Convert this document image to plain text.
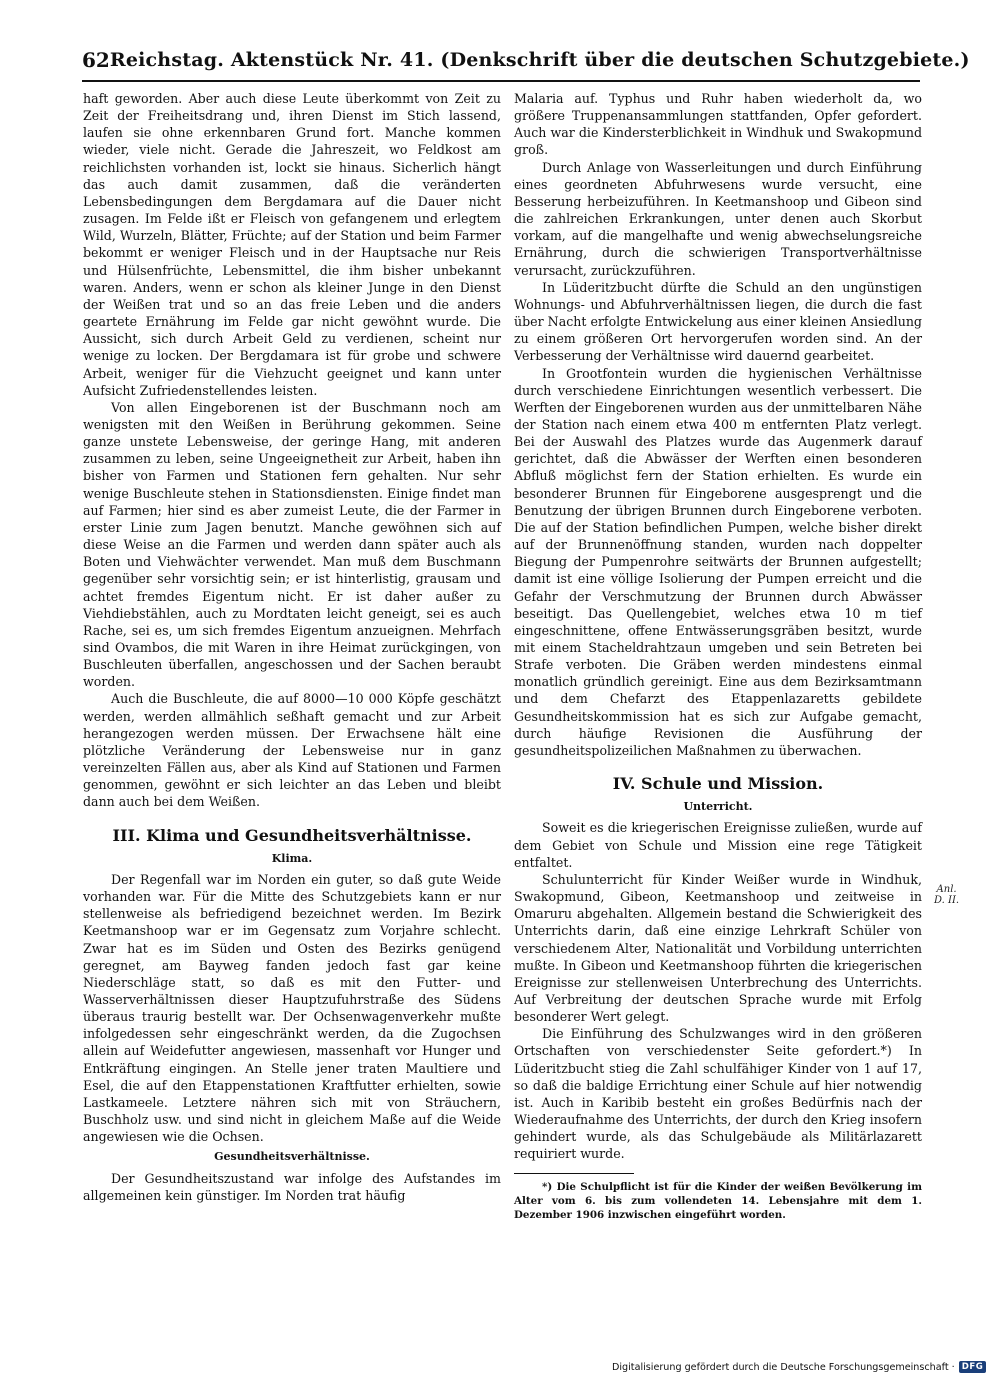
62 Reichstag. Aktenstück Nr. 41. (Denkschrift über die deutschen Schutzgebiete.)

haft geworden. Aber auch diese Leute überkommt von Zeit zu Zeit der Freiheitsdrang und, ihren Dienst im Stich lassend, laufen sie ohne erkennbaren Grund fort. Manche kommen wieder, viele nicht. Gerade die Jahreszeit, wo Feldkost am reichlichsten vorhanden ist, lockt sie hinaus. Sicherlich hängt das auch damit zusammen, daß die veränderten Lebensbedingungen dem Bergdamara auf die Dauer nicht zusagen. Im Felde ißt er Fleisch von gefangenem und erlegtem Wild, Wurzeln, Blätter, Früchte; auf der Station und beim Farmer bekommt er weniger Fleisch und in der Hauptsache nur Reis und Hülsenfrüchte, Lebensmittel, die ihm bisher unbekannt waren. Anders, wenn er schon als kleiner Junge in den Dienst der Weißen trat und so an das freie Leben und die anders geartete Ernährung im Felde gar nicht gewöhnt wurde. Die Aussicht, sich durch Arbeit Geld zu verdienen, scheint nur wenige zu locken. Der Bergdamara ist für grobe und schwere Arbeit, weniger für die Viehzucht geeignet und kann unter Aufsicht Zufriedenstellendes leisten.

Von allen Eingeborenen ist der Buschmann noch am wenigsten mit den Weißen in Berührung gekommen. Seine ganze unstete Lebensweise, der geringe Hang, mit anderen zusammen zu leben, seine Ungeeignetheit zur Arbeit, haben ihn bisher von Farmen und Stationen fern gehalten. Nur sehr wenige Buschleute stehen in Stationsdiensten. Einige findet man auf Farmen; hier sind es aber zumeist Leute, die der Farmer in erster Linie zum Jagen benutzt. Manche gewöhnen sich auf diese Weise an die Farmen und werden dann später auch als Boten und Viehwächter verwendet. Man muß dem Buschmann gegenüber sehr vorsichtig sein; er ist hinterlistig, grausam und achtet fremdes Eigentum nicht. Er ist daher außer zu Viehdiebstählen, auch zu Mordtaten leicht geneigt, sei es auch Rache, sei es, um sich fremdes Eigentum anzueignen. Mehrfach sind Ovambos, die mit Waren in ihre Heimat zurückgingen, von Buschleuten überfallen, angeschossen und der Sachen beraubt worden.

Auch die Buschleute, die auf 8000—10 000 Köpfe geschätzt werden, werden allmählich seßhaft gemacht und zur Arbeit herangezogen werden müssen. Der Erwachsene hält eine plötzliche Veränderung der Lebensweise nur in ganz vereinzelten Fällen aus, aber als Kind auf Stationen und Farmen genommen, gewöhnt er sich leichter an das Leben und bleibt dann auch bei dem Weißen.

III. Klima und Gesundheitsverhältnisse.
Klima.

Der Regenfall war im Norden ein guter, so daß gute Weide vorhanden war. Für die Mitte des Schutzgebiets kann er nur stellenweise als befriedigend bezeichnet werden. Im Bezirk Keetmanshoop war er im Gegensatz zum Vorjahre schlecht. Zwar hat es im Süden und Osten des Bezirks genügend geregnet, am Bayweg fanden jedoch fast gar keine Niederschläge statt, so daß es mit den Futter- und Wasserverhältnissen dieser Hauptzufuhrstraße des Südens überaus traurig bestellt war. Der Ochsenwagenverkehr mußte infolgedessen sehr eingeschränkt werden, da die Zugochsen allein auf Weidefutter angewiesen, massenhaft vor Hunger und Entkräftung eingingen. An Stelle jener traten Maultiere und Esel, die auf den Etappenstationen Kraftfutter erhielten, sowie Lastkameele. Letztere nähren sich mit von Sträuchern, Buschholz usw. und sind nicht in gleichem Maße auf die Weide angewiesen wie die Ochsen.

Gesundheitsverhältnisse.

Der Gesundheitszustand war infolge des Aufstandes im allgemeinen kein günstiger. Im Norden trat häufig

Malaria auf. Typhus und Ruhr haben wiederholt da, wo größere Truppenansammlungen stattfanden, Opfer gefordert. Auch war die Kindersterblichkeit in Windhuk und Swakopmund groß.

Durch Anlage von Wasserleitungen und durch Einführung eines geordneten Abfuhrwesens wurde versucht, eine Besserung herbeizuführen. In Keetmanshoop und Gibeon sind die zahlreichen Erkrankungen, unter denen auch Skorbut vorkam, auf die mangelhafte und wenig abwechselungsreiche Ernährung, durch die schwierigen Transportverhältnisse verursacht, zurückzuführen.

In Lüderitzbucht dürfte die Schuld an den ungünstigen Wohnungs- und Abfuhrverhältnissen liegen, die durch die fast über Nacht erfolgte Entwickelung aus einer kleinen Ansiedlung zu einem größeren Ort hervorgerufen worden sind. An der Verbesserung der Verhältnisse wird dauernd gearbeitet.

In Grootfontein wurden die hygienischen Verhältnisse durch verschiedene Einrichtungen wesentlich verbessert. Die Werften der Eingeborenen wurden aus der unmittelbaren Nähe der Station nach einem etwa 400 m entfernten Platz verlegt. Bei der Auswahl des Platzes wurde das Augenmerk darauf gerichtet, daß die Abwässer der Werften einen besonderen Abfluß möglichst fern der Station erhielten. Es wurde ein besonderer Brunnen für Eingeborene ausgesprengt und die Benutzung der übrigen Brunnen durch Eingeborene verboten. Die auf der Station befindlichen Pumpen, welche bisher direkt auf der Brunnenöffnung standen, wurden nach doppelter Biegung der Pumpenrohre seitwärts der Brunnen aufgestellt; damit ist eine völlige Isolierung der Pumpen erreicht und die Gefahr der Verschmutzung der Brunnen durch Abwässer beseitigt. Das Quellengebiet, welches etwa 10 m tief eingeschnittene, offene Entwässerungsgräben besitzt, wurde mit einem Stacheldrahtzaun umgeben und sein Betreten bei Strafe verboten. Die Gräben werden mindestens einmal monatlich gründlich gereinigt. Eine aus dem Bezirksamtmann und dem Chefarzt des Etappenlazaretts gebildete Gesundheitskommission hat es sich zur Aufgabe gemacht, durch häufige Revisionen die Ausführung der gesundheitspolizeilichen Maßnahmen zu überwachen.

IV. Schule und Mission.
Unterricht.

Soweit es die kriegerischen Ereignisse zuließen, wurde auf dem Gebiet von Schule und Mission eine rege Tätigkeit entfaltet.

Schulunterricht für Kinder Weißer wurde in Windhuk, Swakopmund, Gibeon, Keetmanshoop und zeitweise in Omaruru abgehalten. Allgemein bestand die Schwierigkeit des Unterrichts darin, daß eine einzige Lehrkraft Schüler von verschiedenem Alter, Nationalität und Vorbildung unterrichten mußte. In Gibeon und Keetmanshoop führten die kriegerischen Ereignisse zur stellenweisen Unterbrechung des Unterrichts. Auf Verbreitung der deutschen Sprache wurde mit Erfolg besonderer Wert gelegt.

Die Einführung des Schulzwanges wird in den größeren Ortschaften von verschiedenster Seite gefordert.*) In Lüderitzbucht stieg die Zahl schulfähiger Kinder von 1 auf 17, so daß die baldige Errichtung einer Schule auf hier notwendig ist. Auch in Karibib besteht ein großes Bedürfnis nach der Wiederaufnahme des Unterrichts, der durch den Krieg insofern gehindert wurde, als das Schulgebäude als Militärlazarett requiriert wurde.

*) Die Schulpflicht ist für die Kinder der weißen Bevölkerung im Alter vom 6. bis zum vollendeten 14. Lebensjahre mit dem 1. Dezember 1906 inzwischen eingeführt worden.

Anl.
D. II.
Digitalisierung gefördert durch die Deutsche Forschungsgemeinschaft · DFG
